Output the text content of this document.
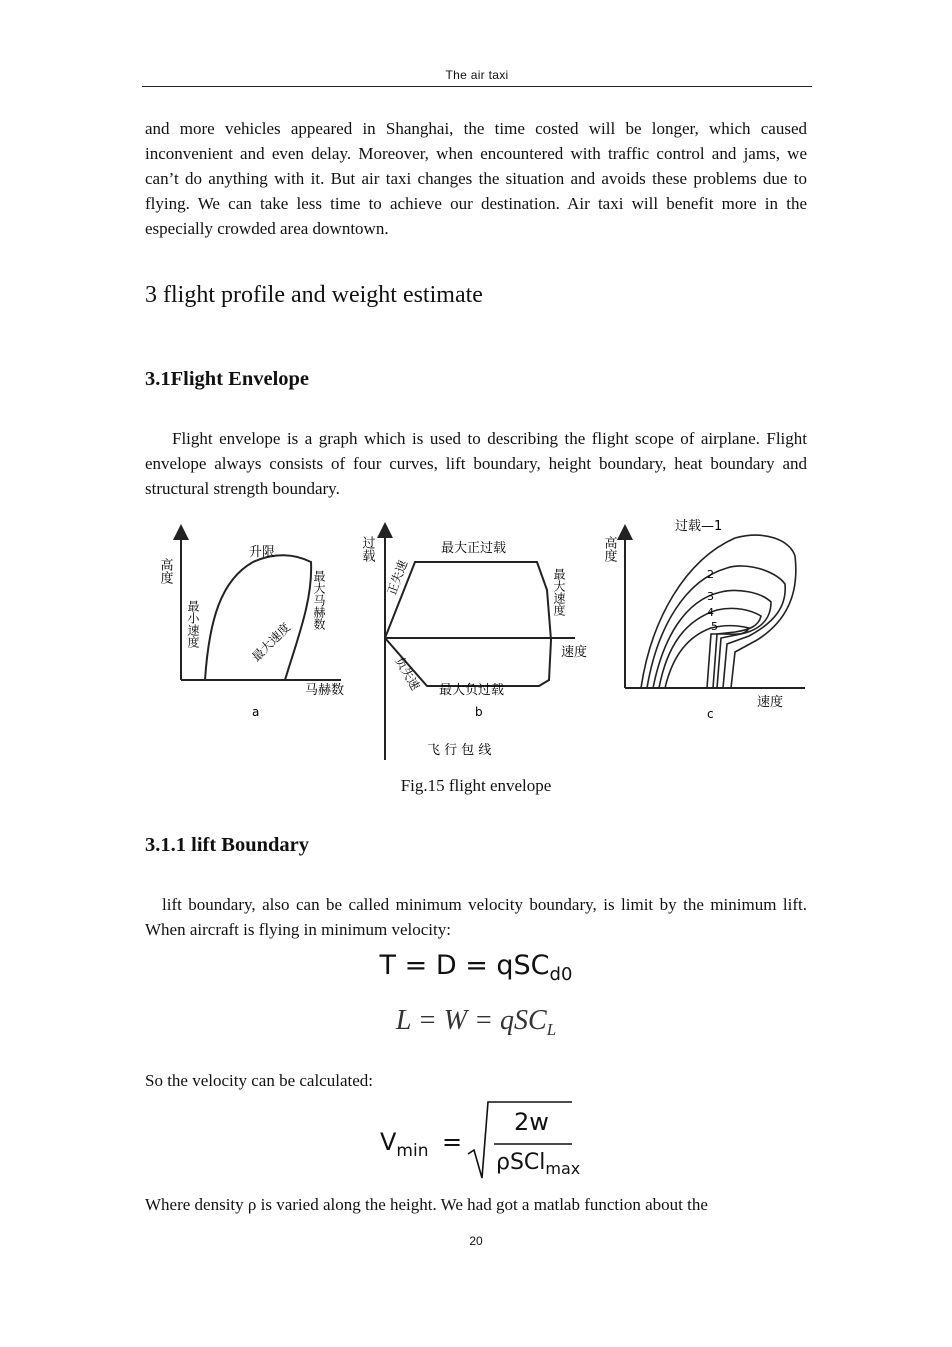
The air taxi

and more vehicles appeared in Shanghai, the time costed will be longer, which caused inconvenient and even delay. Moreover, when encountered with traffic control and jams, we can’t do anything with it. But air taxi changes the situation and avoids these problems due to flying. We can take less time to achieve our destination. Air taxi will benefit more in the especially crowded area downtown.

3 flight profile and weight estimate
3.1Flight Envelope

Flight envelope is a graph which is used to describing the flight scope of airplane. Flight envelope always consists of four curves, lift boundary, height boundary, heat boundary and structural strength boundary.

高度
升限
最小速度	最大马赫数
最大速度
马赫数
a
过载	最大正过载
正失速
负失速 最大负过载
最大速度
速度
b
高度
过载—1
2
3
4
5
速度
c
飞 行 包 线
Fig.15 flight envelope
3.1.1 lift Boundary

lift boundary, also can be called minimum velocity boundary, is limit by the minimum lift. When aircraft is flying in minimum velocity:

T = D = qSC$_{d0}$
L = W = qSC$_L$

So the velocity can be calculated:

$V_{min}$ =
2w
ρSCl$_{max}$

Where density ρ is varied along the height. We had got a matlab function about the

20
